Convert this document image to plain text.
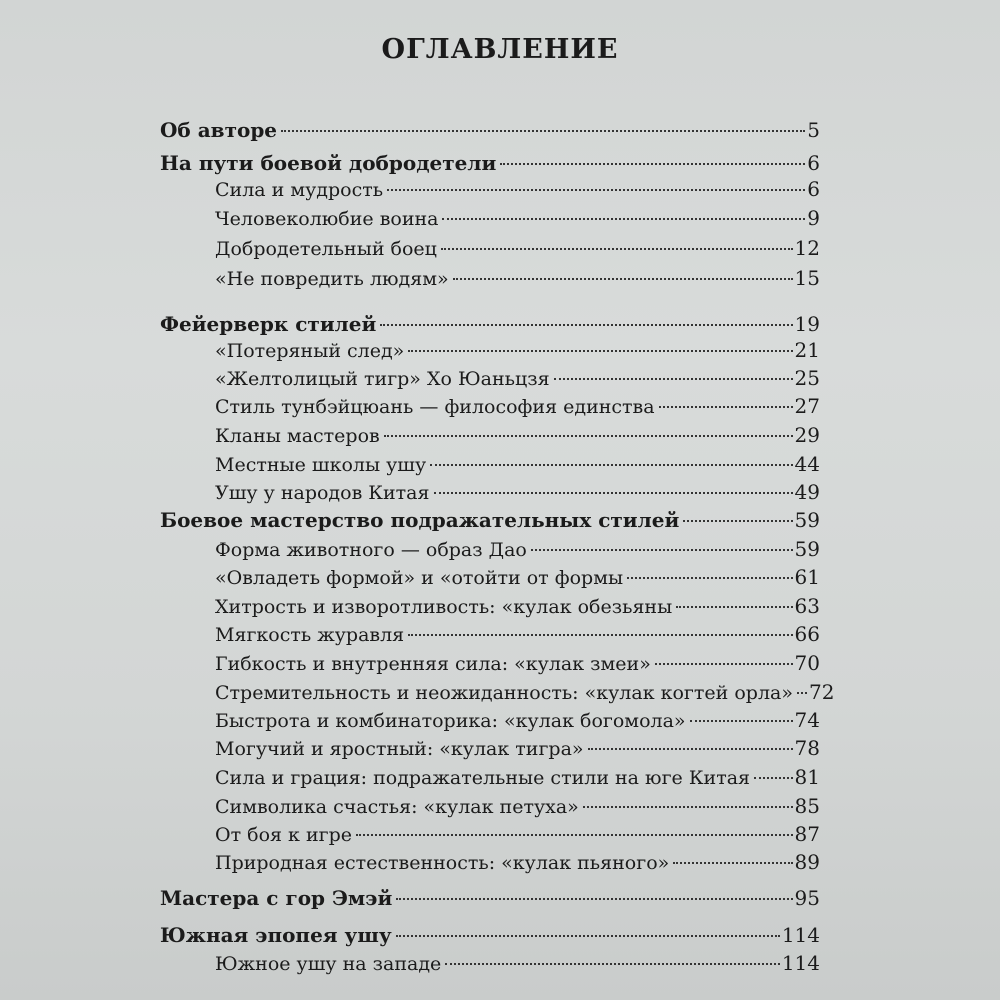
ОГЛАВЛЕНИЕ
Об авторе	5
На пути боевой добродетели	6
Сила и мудрость	6
Человеколюбие воина	9
Добродетельный боец	12
«Не повредить людям»	15
Фейерверк стилей	19
«Потеряный след»	21
«Желтолицый тигр» Хо Юаньцзя	25
Стиль тунбэйцюань — философия единства	27
Кланы мастеров	29
Местные школы ушу	44
Ушу у народов Китая	49
Боевое мастерство подражательных стилей	59
Форма животного — образ Дао	59
«Овладеть формой» и «отойти от формы	61
Хитрость и изворотливость: «кулак обезьяны	63
Мягкость журавля	66
Гибкость и внутренняя сила: «кулак змеи»	70
Стремительность и неожиданность: «кулак когтей орла» 72
Быстрота и комбинаторика: «кулак богомола»	74
Могучий и яростный: «кулак тигра»	78
Сила и грация: подражательные стили на юге Китая 81
Символика счастья: «кулак петуха»	85
От боя к игре	87
Природная естественность: «кулак пьяного»	89
Мастера с гор Эмэй	95
Южная эпопея ушу	114
Южное ушу на западе	114
